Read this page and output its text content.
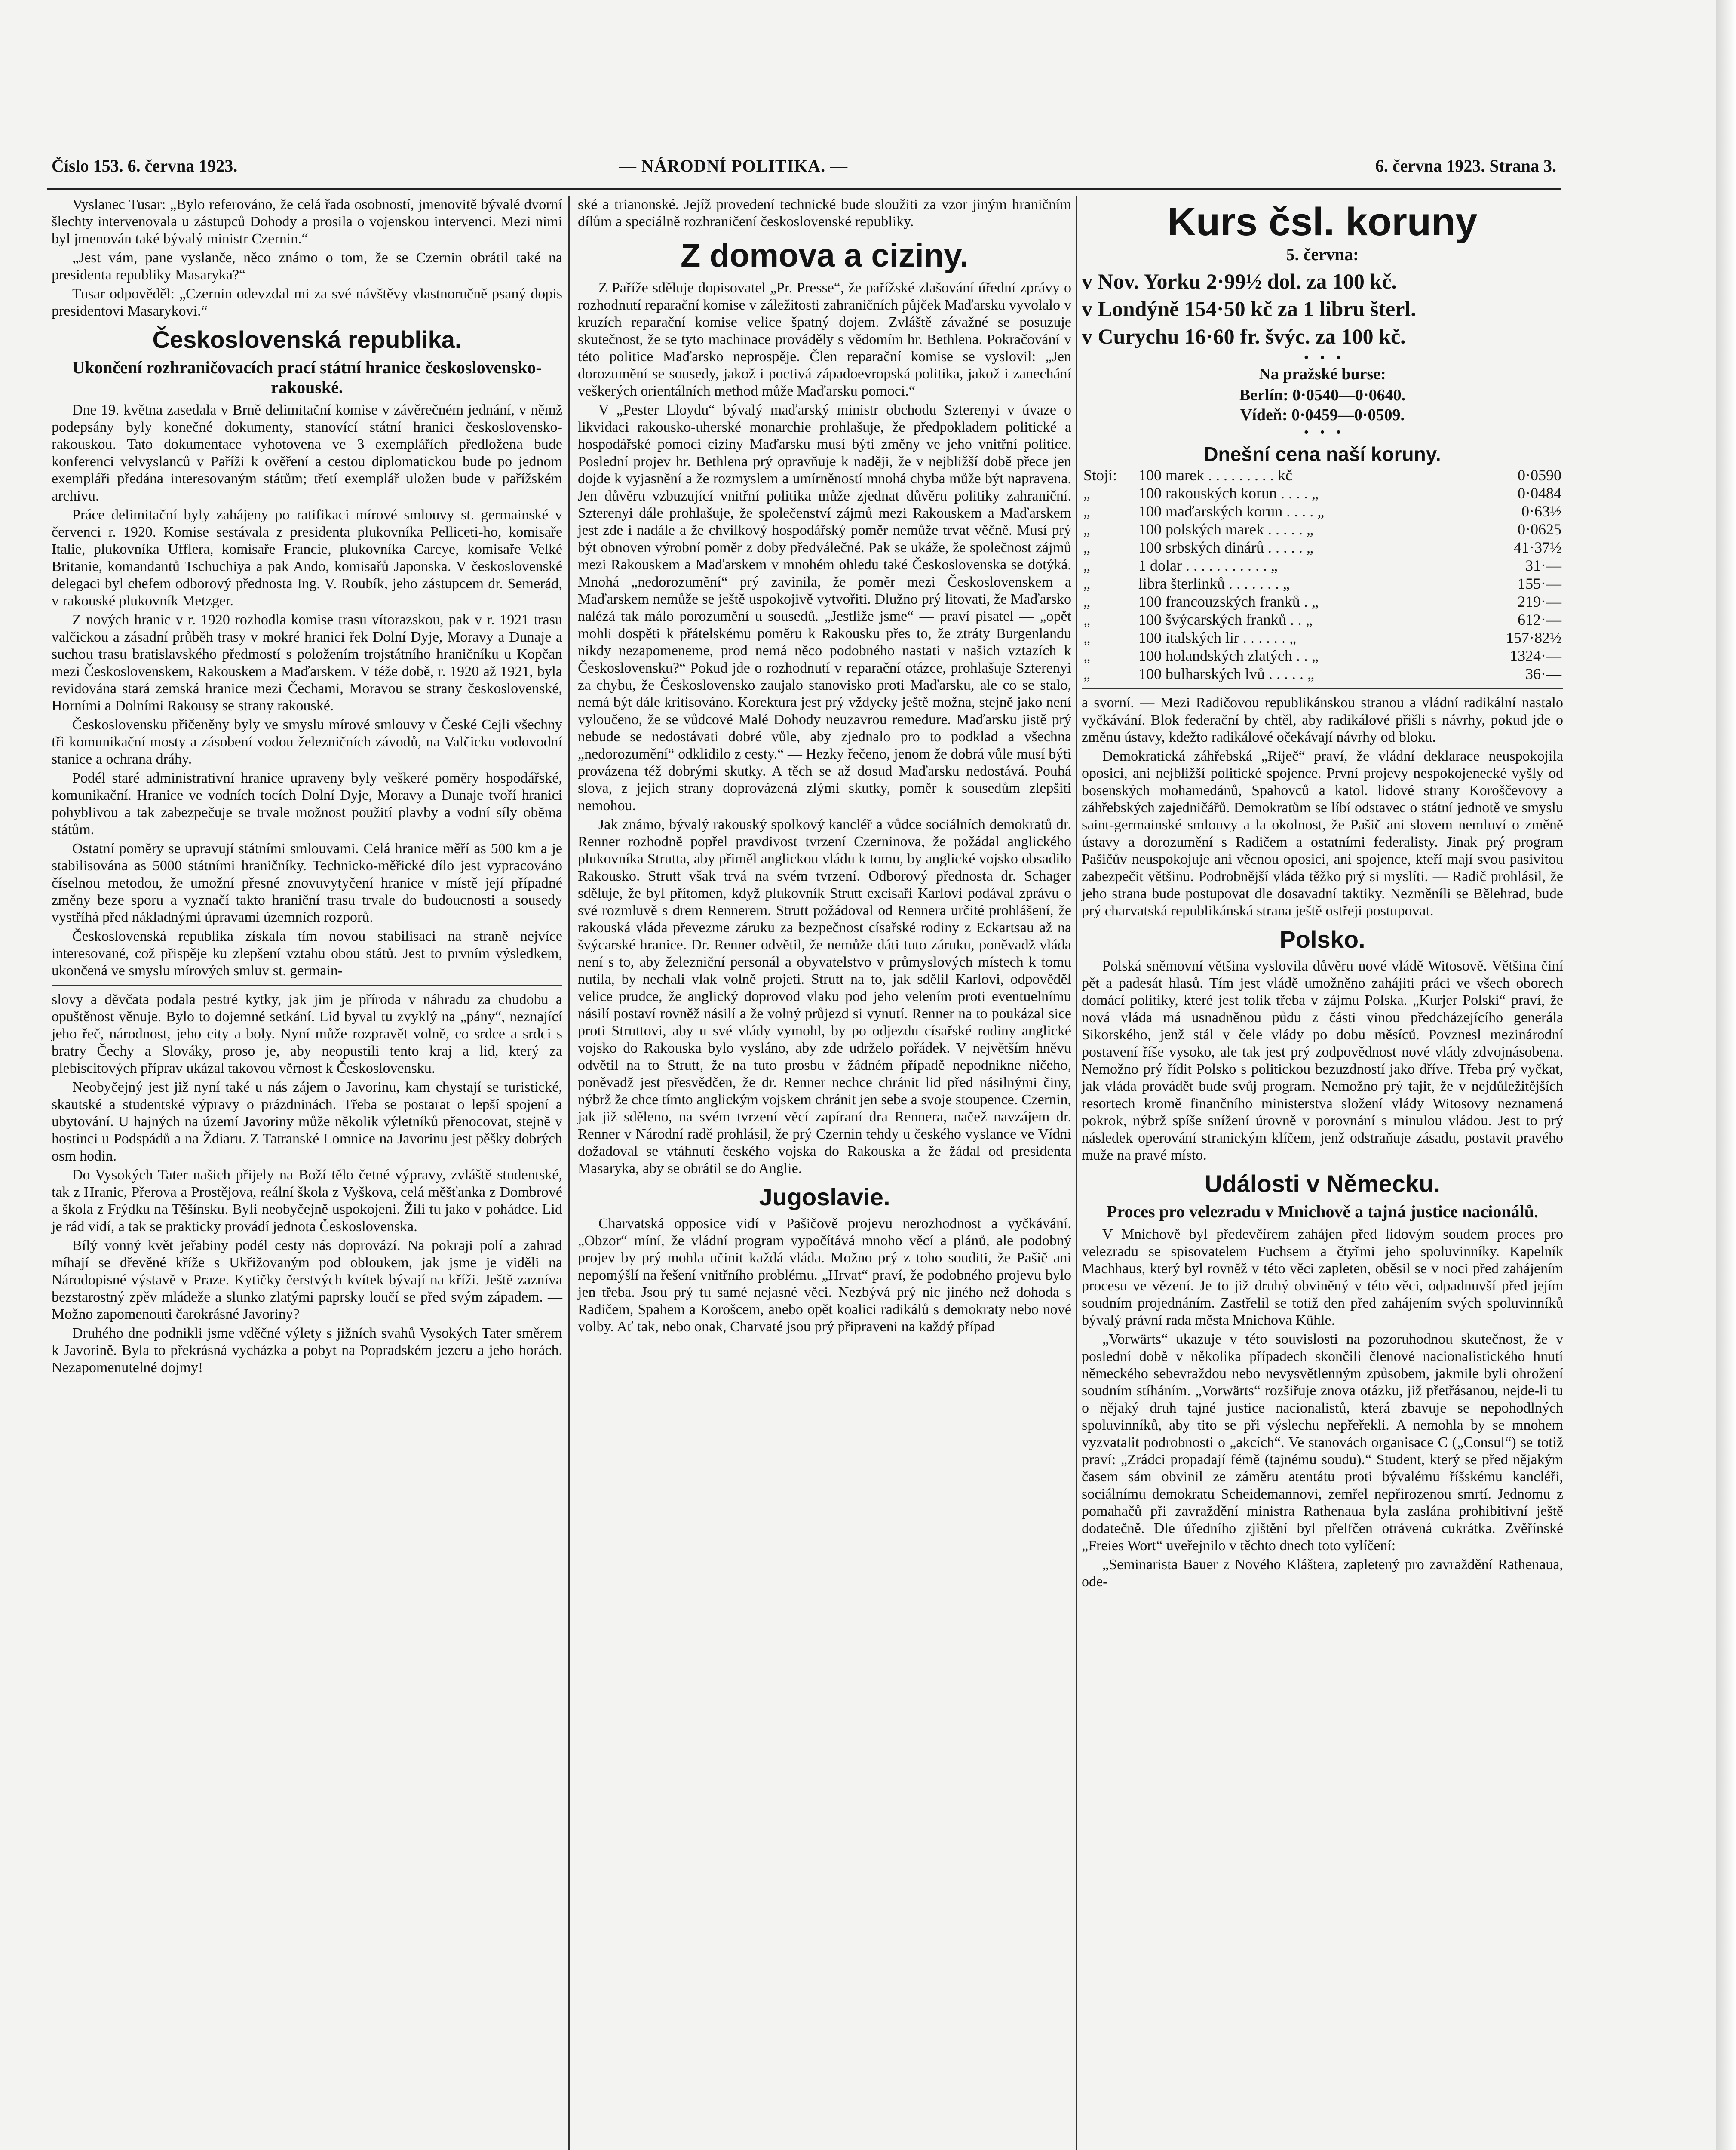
Číslo 153. 6. června 1923.	— NÁRODNÍ POLITIKA. —	6. června 1923. Strana 3.

Vyslanec Tusar: „Bylo referováno, že celá řada osobností, jmenovitě bývalé dvorní šlechty intervenovala u zástupců Dohody a prosila o vojenskou intervenci. Mezi nimi byl jmenován také bývalý ministr Czernin.“

„Jest vám, pane vyslanče, něco známo o tom, že se Czernin obrátil také na presidenta republiky Masaryka?“

Tusar odpověděl: „Czernin odevzdal mi za své návštěvy vlastnoručně psaný dopis presidentovi Masarykovi.“

Československá republika.
Ukončení rozhraničovacích prací státní hranice československo-rakouské.

Dne 19. května zasedala v Brně delimitační komise v závěrečném jednání, v němž podepsány byly konečné dokumenty, stanovící státní hranici československo-rakouskou. Tato dokumentace vyhotovena ve 3 exemplářích předložena bude konferenci velvyslanců v Paříži k ověření a cestou diplomatickou bude po jednom exempláři předána interesovaným státům; třetí exemplář uložen bude v pařížském archivu.

Práce delimitační byly zahájeny po ratifikaci mírové smlouvy st. germainské v červenci r. 1920. Komise sestávala z presidenta plukovníka Pelliceti-ho, komisaře Italie, plukovníka Ufflera, komisaře Francie, plukovníka Carcye, komisaře Velké Britanie, komandantů Tschuchiya a pak Ando, komisařů Japonska. V československé delegaci byl chefem odborový přednosta Ing. V. Roubík, jeho zástupcem dr. Semerád, v rakouské plukovník Metzger.

Z nových hranic v r. 1920 rozhodla komise trasu vítorazskou, pak v r. 1921 trasu valčickou a zásadní průběh trasy v mokré hranici řek Dolní Dyje, Moravy a Dunaje a suchou trasu bratislavského předmostí s položením trojstátního hraničníku u Kopčan mezi Československem, Rakouskem a Maďarskem. V téže době, r. 1920 až 1921, byla revidována stará zemská hranice mezi Čechami, Moravou se strany československé, Horními a Dolními Rakousy se strany rakouské.

Československu přičeněny byly ve smyslu mírové smlouvy v České Cejli všechny tři komunikační mosty a zásobení vodou železničních závodů, na Valčicku vodovodní stanice a ochrana dráhy.

Podél staré administrativní hranice upraveny byly veškeré poměry hospodářské, komunikační. Hranice ve vodních tocích Dolní Dyje, Moravy a Dunaje tvoří hranici pohyblivou a tak zabezpečuje se trvale možnost použití plavby a vodní síly oběma státům.

Ostatní poměry se upravují státními smlouvami. Celá hranice měří as 500 km a je stabilisována as 5000 státními hraničníky. Technicko-měřické dílo jest vypracováno číselnou metodou, že umožní přesné znovuvytyčení hranice v místě její případné změny beze sporu a vyznačí takto hraniční trasu trvale do budoucnosti a sousedy vystříhá před nákladnými úpravami územních rozporů.

Československá republika získala tím novou stabilisaci na straně nejvíce interesované, což přispěje ku zlepšení vztahu obou států. Jest to prvním výsledkem, ukončená ve smyslu mírových smluv st. germain-

slovy a děvčata podala pestré kytky, jak jim je příroda v náhradu za chudobu a opuštěnost věnuje. Bylo to dojemné setkání. Lid byval tu zvyklý na „pány“, neznající jeho řeč, národnost, jeho city a boly. Nyní může rozpravět volně, co srdce a srdci s bratry Čechy a Slováky, proso je, aby neopustili tento kraj a lid, který za plebiscitových příprav ukázal takovou věrnost k Československu.

Neobyčejný jest již nyní také u nás zájem o Javorinu, kam chystají se turistické, skautské a studentské výpravy o prázdninách. Třeba se postarat o lepší spojení a ubytování. U hajných na území Javoriny může několik výletníků přenocovat, stejně v hostinci u Podspádů a na Ždiaru. Z Tatranské Lomnice na Javorinu jest pěšky dobrých osm hodin.

Do Vysokých Tater našich přijely na Boží tělo četné výpravy, zvláště studentské, tak z Hranic, Přerova a Prostějova, reální škola z Vyškova, celá měšťanka z Dombrové a škola z Frýdku na Těšínsku. Byli neobyčejně uspokojeni. Žili tu jako v pohádce. Lid je rád vidí, a tak se prakticky provádí jednota Československa.

Bílý vonný květ jeřabiny podél cesty nás doprovází. Na pokraji polí a zahrad míhají se dřevěné kříže s Ukřižovaným pod obloukem, jak jsme je viděli na Národopisné výstavě v Praze. Kytičky čerstvých kvítek bývají na kříži. Ještě zazníva bezstarostný zpěv mládeže a slunko zlatými paprsky loučí se před svým západem. — Možno zapomenouti čarokrásné Javoriny?

Druhého dne podnikli jsme vděčné výlety s jižních svahů Vysokých Tater směrem k Javorině. Byla to překrásná vycházka a pobyt na Popradském jezeru a jeho horách. Nezapomenutelné dojmy!

ské a trianonské. Jejíž provedení technické bude sloužiti za vzor jiným hraničním dílům a speciálně rozhraničení československé republiky.

Z domova a ciziny.

Z Paříže sděluje dopisovatel „Pr. Presse“, že pařížské zlašování úřední zprávy o rozhodnutí reparační komise v záležitosti zahraničních půjček Maďarsku vyvolalo v kruzích reparační komise velice špatný dojem. Zvláště závažné se posuzuje skutečnost, že se tyto machinace prováděly s vědomím hr. Bethlena. Pokračování v této politice Maďarsko neprospěje. Člen reparační komise se vyslovil: „Jen dorozumění se sousedy, jakož i poctivá západoevropská politika, jakož i zanechání veškerých orientálních method může Maďarsku pomoci.“

V „Pester Lloydu“ bývalý maďarský ministr obchodu Szterenyi v úvaze o likvidaci rakousko-uherské monarchie prohlašuje, že předpokladem politické a hospodářské pomoci ciziny Maďarsku musí býti změny ve jeho vnitřní politice. Poslední projev hr. Bethlena prý opravňuje k naději, že v nejbližší době přece jen dojde k vyjasnění a že rozmyslem a umírněností mnohá chyba může být napravena. Jen důvěru vzbuzující vnitřní politika může zjednat důvěru politiky zahraniční. Szterenyi dále prohlašuje, že společenství zájmů mezi Rakouskem a Maďarskem jest zde i nadále a že chvilkový hospodářský poměr nemůže trvat věčně. Musí prý být obnoven výrobní poměr z doby předválečné. Pak se ukáže, že společnost zájmů mezi Rakouskem a Maďarskem v mnohém ohledu také Československa se dotýká. Mnohá „nedorozumění“ prý zavinila, že poměr mezi Československem a Maďarskem nemůže se ještě uspokojivě vytvořiti. Dlužno prý litovati, že Maďarsko nalézá tak málo porozumění u sousedů. „Jestliže jsme“ — praví pisatel — „opět mohli dospěti k přátelskému poměru k Rakousku přes to, že ztráty Burgenlandu nikdy nezapomeneme, prod nemá něco podobného nastati v našich vztazích k Československu?“ Pokud jde o rozhodnutí v reparační otázce, prohlašuje Szterenyi za chybu, že Československo zaujalo stanovisko proti Maďarsku, ale co se stalo, nemá být dále kritisováno. Korektura jest prý vždycky ještě možna, stejně jako není vyloučeno, že se vůdcové Malé Dohody neuzavrou remedure. Maďarsku jistě prý nebude se nedostávati dobré vůle, aby zjednalo pro to podklad a všechna „nedorozumění“ odklidilo z cesty.“ — Hezky řečeno, jenom že dobrá vůle musí býti provázena též dobrými skutky. A těch se až dosud Maďarsku nedostává. Pouhá slova, z jejich strany doprovázená zlými skutky, poměr k sousedům zlepšiti nemohou.

Jak známo, bývalý rakouský spolkový kancléř a vůdce sociálních demokratů dr. Renner rozhodně popřel pravdivost tvrzení Czerninova, že požádal anglického plukovníka Strutta, aby přiměl anglickou vládu k tomu, by anglické vojsko obsadilo Rakousko. Strutt však trvá na svém tvrzení. Odborový přednosta dr. Schager sděluje, že byl přítomen, když plukovník Strutt excisaři Karlovi podával zprávu o své rozmluvě s drem Rennerem. Strutt požádoval od Rennera určité prohlášení, že rakouská vláda převezme záruku za bezpečnost císařské rodiny z Eckartsau až na švýcarské hranice. Dr. Renner odvětil, že nemůže dáti tuto záruku, poněvadž vláda není s to, aby železniční personál a obyvatelstvo v průmyslových místech k tomu nutila, by nechali vlak volně projeti. Strutt na to, jak sdělil Karlovi, odpověděl velice prudce, že anglický doprovod vlaku pod jeho velením proti eventuelnímu násilí postaví rovněž násilí a že volný průjezd si vynutí. Renner na to poukázal sice proti Struttovi, aby u své vlády vymohl, by po odjezdu císařské rodiny anglické vojsko do Rakouska bylo vysláno, aby zde udrželo pořádek. V největším hněvu odvětil na to Strutt, že na tuto prosbu v žádném případě nepodnikne ničeho, poněvadž jest přesvědčen, že dr. Renner nechce chránit lid před násilnými činy, nýbrž že chce tímto anglickým vojskem chránit jen sebe a svoje stoupence. Czernin, jak již sděleno, na svém tvrzení věcí zapíraní dra Rennera, načež navzájem dr. Renner v Národní radě prohlásil, že prý Czernin tehdy u českého vyslance ve Vídni dožadoval se vtáhnutí českého vojska do Rakouska a že žádal od presidenta Masaryka, aby se obrátil se do Anglie.

Jugoslavie.

Charvatská opposice vidí v Pašičově projevu nerozhodnost a vyčkávání. „Obzor“ míní, že vládní program vypočítává mnoho věcí a plánů, ale podobný projev by prý mohla učinit každá vláda. Možno prý z toho souditi, že Pašič ani nepomýšlí na řešení vnitřního problému. „Hrvat“ praví, že podobného projevu bylo jen třeba. Jsou prý tu samé nejasné věci. Nezbývá prý nic jiného než dohoda s Radičem, Spahem a Korošcem, anebo opět koalici radikálů s demokraty nebo nové volby. Ať tak, nebo onak, Charvaté jsou prý připraveni na každý případ

Kurs čsl. koruny
5. června:
v Nov. Yorku 2·99½ dol. za 100 kč.
v Londýně 154·50 kč za 1 libru šterl.
v Curychu 16·60 fr. švýc. za 100 kč.
•   •   •
Na pražské burse:
Berlín: 0·0540—0·0640.
Vídeň: 0·0459—0·0509.
•   •   •
Dnešní cena naší koruny.
Stojí:	100 marek . . . . . . . . . kč	0·0590
„	100 rakouských korun . . . . „	0·0484
„	100 maďarských korun . . . . „	0·63½
„	100 polských marek . . . . . „	0·0625
„	100 srbských dinárů . . . . . „	41·37½
„	1 dolar . . . . . . . . . . . „	31·—
„	libra šterlinků . . . . . . . „	155·—
„	100 francouzských franků . „	219·—
„	100 švýcarských franků . . „	612·—
„	100 italských lir . . . . . . „	157·82½
„	100 holandských zlatých . . „	1324·—
„	100 bulharských lvů . . . . . „	36·—

a svorní. — Mezi Radičovou republikánskou stranou a vládní radikální nastalo vyčkávání. Blok federační by chtěl, aby radikálové přišli s návrhy, pokud jde o změnu ústavy, kdežto radikálové očekávají návrhy od bloku.

Demokratická záhřebská „Riječ“ praví, že vládní deklarace neuspokojila oposici, ani nejbližší politické spojence. První projevy nespokojenecké vyšly od bosenských mohamedánů, Spahovců a katol. lidové strany Koroščevovy a záhřebských zajedničářů. Demokratům se líbí odstavec o státní jednotě ve smyslu saint-germainské smlouvy a la okolnost, že Pašič ani slovem nemluví o změně ústavy a dorozumění s Radičem a ostatními federalisty. Jinak prý program Pašičův neuspokojuje ani věcnou oposici, ani spojence, kteří mají svou pasivitou zabezpečit většinu. Podrobnější vláda těžko prý si myslíti. — Radič prohlásil, že jeho strana bude postupovat dle dosavadní taktiky. Nezměníli se Bělehrad, bude prý charvatská republikánská strana ještě ostřeji postupovat.

Polsko.

Polská sněmovní většina vyslovila důvěru nové vládě Witosově. Většina činí pět a padesát hlasů. Tím jest vládě umožněno zahájiti práci ve všech oborech domácí politiky, které jest tolik třeba v zájmu Polska. „Kurjer Polski“ praví, že nová vláda má usnadněnou půdu z části vinou předcházejícího generála Sikorského, jenž stál v čele vlády po dobu měsíců. Povznesl mezinárodní postavení říše vysoko, ale tak jest prý zodpovědnost nové vlády zdvojnásobena. Nemožno prý řídit Polsko s politickou bezuzdností jako dříve. Třeba prý vyčkat, jak vláda provádět bude svůj program. Nemožno prý tajit, že v nejdůležitějších resortech kromě finančního ministerstva složení vlády Witosovy neznamená pokrok, nýbrž spíše snížení úrovně v porovnání s minulou vládou. Jest to prý následek operování stranickým klíčem, jenž odstraňuje zásadu, postavit pravého muže na pravé místo.

Události v Německu.
Proces pro velezradu v Mnichově a tajná justice nacionálů.

V Mnichově byl předevčírem zahájen před lidovým soudem proces pro velezradu se spisovatelem Fuchsem a čtyřmi jeho spoluvinníky. Kapelník Machhaus, který byl rovněž v této věci zapleten, oběsil se v noci před zahájením procesu ve vězení. Je to již druhý obviněný v této věci, odpadnuvší před jejím soudním projednáním. Zastřelil se totiž den před zahájením svých spoluvinníků bývalý právní rada města Mnichova Kühle.

„Vorwärts“ ukazuje v této souvislosti na pozoruhodnou skutečnost, že v poslední době v několika případech skončili členové nacionalistického hnutí německého sebevraždou nebo nevysvětlenným způsobem, jakmile byli ohrožení soudním stíháním. „Vorwärts“ rozšiřuje znova otázku, již přetřásanou, nejde-li tu o nějaký druh tajné justice nacionalistů, která zbavuje se nepohodlných spoluvinníků, aby tito se při výslechu nepřeřekli. A nemohla by se mnohem vyzvatalit podrobnosti o „akcích“. Ve stanovách organisace C („Consul“) se totiž praví: „Zrádci propadají fémě (tajnému soudu).“ Student, který se před nějakým časem sám obvinil ze záměru atentátu proti bývalému říšskému kancléři, sociálnímu demokratu Scheidemannovi, zemřel nepřirozenou smrtí. Jednomu z pomahačů při zavraždění ministra Rathenaua byla zaslána prohibitivní ještě dodatečně. Dle úředního zjištění byl přelfčen otrávená cukrátka. Zvěřínské „Freies Wort“ uveřejnilo v těchto dnech toto vylíčení:

„Seminarista Bauer z Nového Kláštera, zapletený pro zavraždění Rathenaua, ode-
